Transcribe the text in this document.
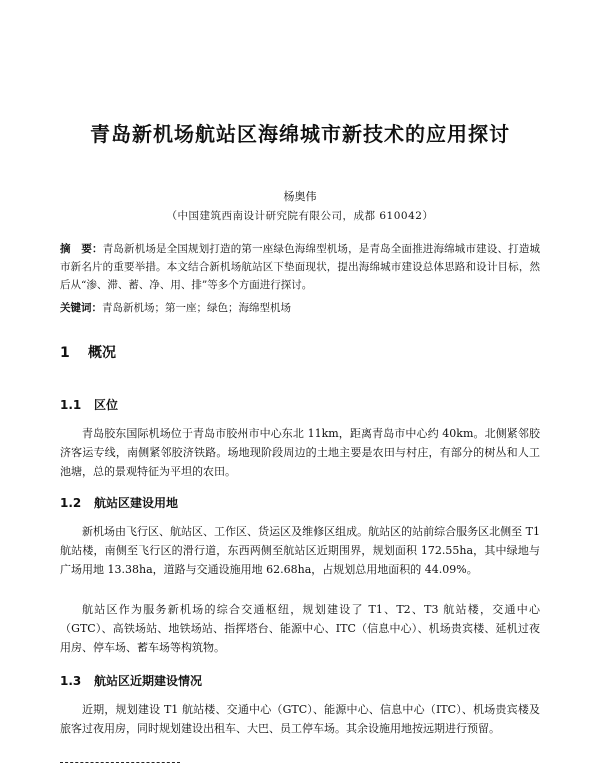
青岛新机场航站区海绵城市新技术的应用探讨
杨奥伟
（中国建筑西南设计研究院有限公司，成都 610042）
摘　要：青岛新机场是全国规划打造的第一座绿色海绵型机场，是青岛全面推进海绵城市建设、打造城市新名片的重要举措。本文结合新机场航站区下垫面现状，提出海绵城市建设总体思路和设计目标，然后从“渗、滞、蓄、净、用、排”等多个方面进行探讨。
关键词：青岛新机场；第一座；绿色；海绵型机场
1 概况
1.1 区位
青岛胶东国际机场位于青岛市胶州市中心东北 11km，距离青岛市中心约 40km。北侧紧邻胶济客运专线，南侧紧邻胶济铁路。场地现阶段周边的土地主要是农田与村庄，有部分的树丛和人工池塘，总的景观特征为平坦的农田。
1.2 航站区建设用地
新机场由飞行区、航站区、工作区、货运区及维修区组成。航站区的站前综合服务区北侧至 T1 航站楼，南侧至飞行区的滑行道，东西两侧至航站区近期围界，规划面积 172.55ha，其中绿地与广场用地 13.38ha，道路与交通设施用地 62.68ha，占规划总用地面积的 44.09%。
航站区作为服务新机场的综合交通枢纽，规划建设了 T1、T2、T3 航站楼，交通中心（GTC）、高铁场站、地铁场站、指挥塔台、能源中心、ITC（信息中心）、机场贵宾楼、延机过夜用房、停车场、蓄车场等构筑物。
1.3 航站区近期建设情况
近期，规划建设 T1 航站楼、交通中心（GTC）、能源中心、信息中心（ITC）、机场贵宾楼及旅客过夜用房，同时规划建设出租车、大巴、员工停车场。其余设施用地按远期进行预留。
